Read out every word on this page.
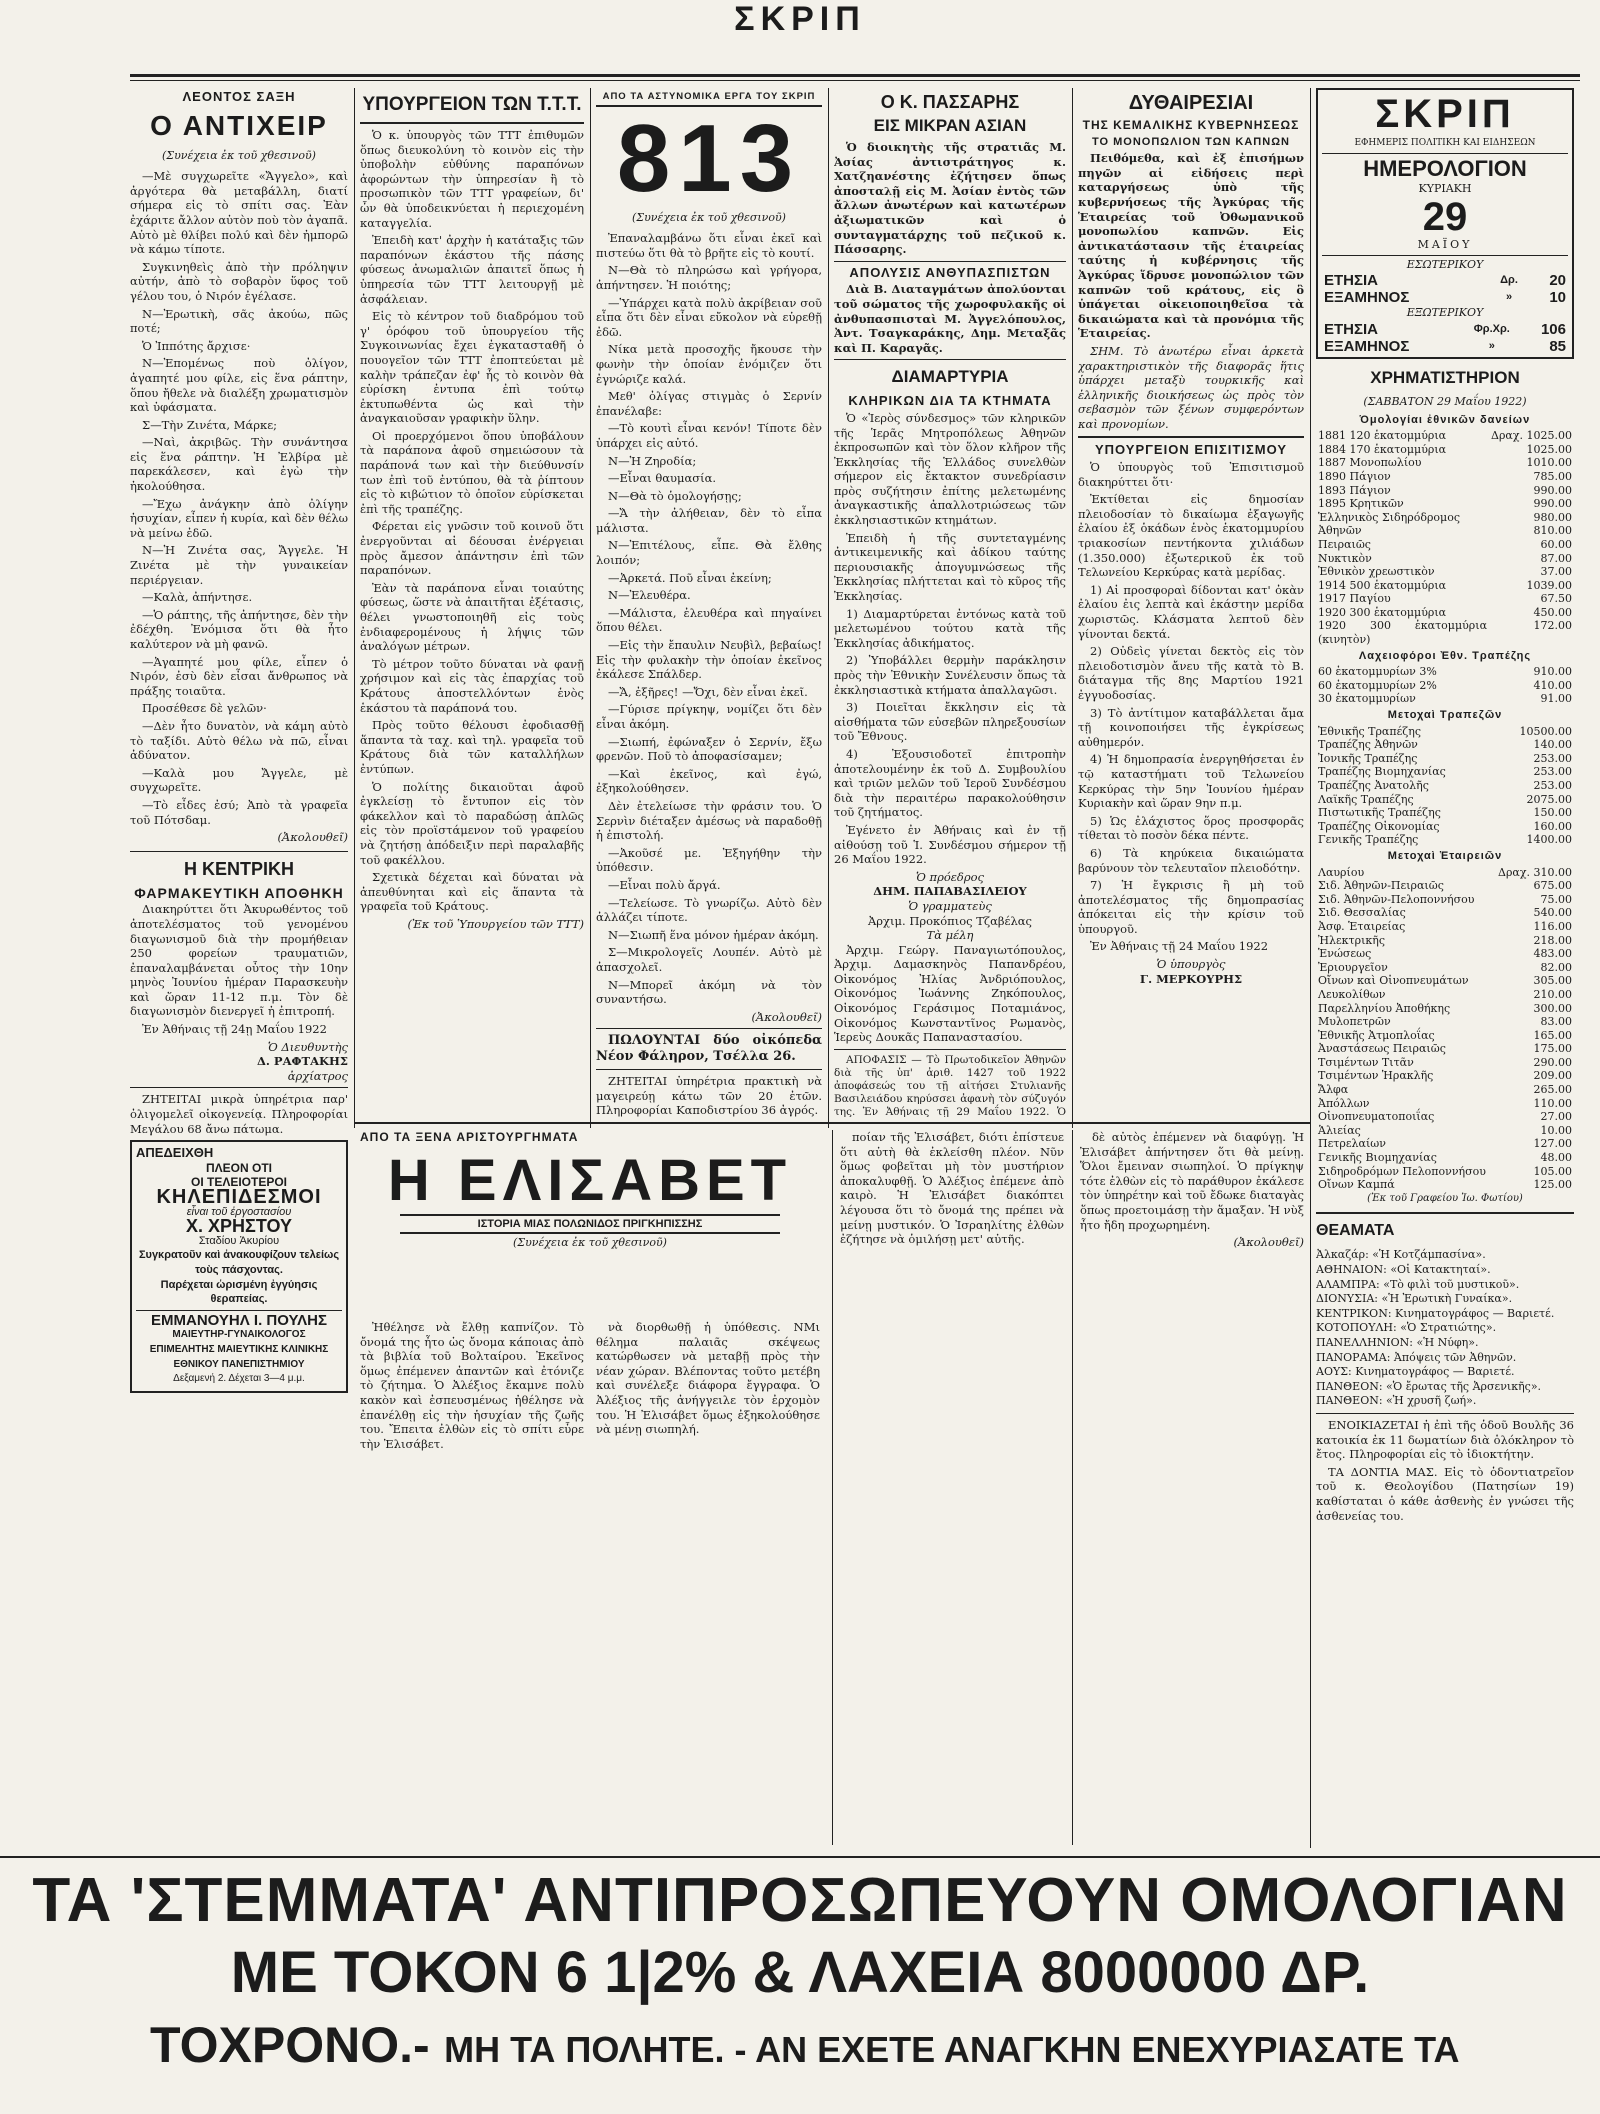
ΣΚΡΙΠ
ΛΕΟΝΤΟΣ ΣΑΞΗ
Ο ΑΝΤΙΧΕΙΡ
(Συνέχεια ἐκ τοῦ χθεσινοῦ)

—Μὲ συγχωρεῖτε «Ἄγγελο», καὶ ἀργότερα θὰ μεταβάλλη, διατί σήμερα εἰς τὸ σπίτι σας. Ἐὰν ἐχάριτε ἄλλον αὐτὸν ποὺ τὸν ἀγαπᾶ. Αὐτὸ μὲ θλίβει πολύ καὶ δὲν ἠμπορῶ νὰ κάμω τίποτε.

Συγκινηθεὶς ἀπὸ τὴν πρόληψιν αὐτήν, ἀπὸ τὸ σοβαρὸν ὕφος τοῦ γέλου του, ὁ Νιρόν ἐγέλασε.

Ν—Ἐρωτικὴ, σᾶς ἀκούω, πῶς ποτέ;

Ὁ Ἰππότης ἄρχισε·

Ν—Ἐπομένως ποὺ ὀλίγον, ἀγαπητέ μου φίλε, εἰς ἕνα ράπτην, ὅπου ἤθελε νὰ διαλέξη χρωματισμὸν καὶ ὑφάσματα.

Σ—Τὴν Ζινέτα, Μάρκε;

—Ναὶ, ἀκριβῶς. Τὴν συνάντησα εἰς ἕνα ράπτην. Ἡ Ἐλβίρα μὲ παρεκάλεσεν, καὶ ἐγὼ τὴν ἠκολούθησα.

—Ἔχω ἀνάγκην ἀπὸ ὀλίγην ἡσυχίαν, εἶπεν ἡ κυρία, καὶ δὲν θέλω νὰ μείνω ἐδῶ.

Ν—Ἡ Ζινέτα σας, Ἄγγελε. Ἡ Ζινέτα μὲ τὴν γυναικείαν περιέργειαν.

—Καλὰ, ἀπήντησε.

—Ὁ ράπτης, τῆς ἀπήντησε, δὲν τὴν ἐδέχθη. Ἐνόμισα ὅτι θὰ ἦτο καλύτερον νὰ μὴ φανῶ.

—Ἀγαπητέ μου φίλε, εἶπεν ὁ Νιρόν, ἐσὺ δὲν εἶσαι ἄνθρωπος νὰ πράξης τοιαῦτα.

Προσέθεσε δὲ γελῶν·

—Δὲν ἦτο δυνατὸν, νὰ κάμη αὐτὸ τὸ ταξίδι. Αὐτὸ θέλω νὰ πῶ, εἶναι ἀδύνατον.

—Καλὰ μου Ἄγγελε, μὲ συγχωρεῖτε.

—Τὸ εἶδες ἐσύ; Ἀπὸ τὰ γραφεῖα τοῦ Πότσδαμ.

(Ἀκολουθεῖ)
Η ΚΕΝΤΡΙΚΗ
ΦΑΡΜΑΚΕΥΤΙΚΗ ΑΠΟΘΗΚΗ

Διακηρύττει ὅτι Ἀκυρωθέντος τοῦ ἀποτελέσματος τοῦ γενομένου διαγωνισμοῦ διὰ τὴν προμήθειαν 250 φορείων τραυματιῶν, ἐπαναλαμβάνεται οὗτος τὴν 10ην μηνὸς Ἰουνίου ἡμέραν Παρασκευὴν καὶ ὥραν 11-12 π.μ. Τὸν δὲ διαγωνισμὸν διενεργεῖ ἡ ἐπιτροπή.

Ἐν Ἀθήναις τῇ 24ῃ Μαΐου 1922

Ὁ Διευθυντὴς
Δ. ΡΑΦΤΑΚΗΣ
ἀρχίατρος

ΖΗΤΕΙΤΑΙ μικρὰ ὑπηρέτρια παρ' ὀλιγομελεῖ οἰκογενείᾳ. Πληροφορίαι Μεγάλου 68 ἄνω πάτωμα.

ΑΠΕΔΕΙΧΘΗ
ΠΛΕΟΝ ΟΤΙ
ΟΙ ΤΕΛΕΙΟΤΕΡΟΙ
ΚΗΛΕΠΙΔΕΣΜΟΙ
εἶναι τοῦ ἐργοστασίου
Χ. ΧΡΗΣΤΟΥ
Σταδίου Ἀκυρίου
Συγκρατοῦν καὶ ἀνακουφίζουν τελείως τοὺς πάσχοντας.
Παρέχεται ὡρισμένη ἐγγύησις θεραπείας.
ΕΜΜΑΝΟΥΗΛ Ι. ΠΟΥΛΗΣ
ΜΑΙΕΥΤΗΡ-ΓΥΝΑΙΚΟΛΟΓΟΣ
ΕΠΙΜΕΛΗΤΗΣ ΜΑΙΕΥΤΙΚΗΣ ΚΛΙΝΙΚΗΣ
ΕΘΝΙΚΟΥ ΠΑΝΕΠΙΣΤΗΜΙΟΥ
Δεξαμενή 2. Δέχεται 3—4 μ.μ.
ΥΠΟΥΡΓΕΙΟΝ ΤΩΝ Τ.Τ.Τ.

Ὁ κ. ὑπουργὸς τῶν ΤΤΤ ἐπιθυμῶν ὅπως διευκολύνη τὸ κοινὸν εἰς τὴν ὑποβολὴν εὐθύνης παραπόνων ἀφορώντων τὴν ὑπηρεσίαν ἢ τὸ προσωπικὸν τῶν ΤΤΤ γραφείων, δι' ὧν θὰ ὑποδεικνύεται ἡ περιεχομένη καταγγελία.

Ἐπειδὴ κατ' ἀρχὴν ἡ κατάταξις τῶν παραπόνων ἐκάστου τῆς πάσης φύσεως ἀνωμαλιῶν ἀπαιτεῖ ὅπως ἡ ὑπηρεσία τῶν ΤΤΤ λειτουργῇ μὲ ἀσφάλειαν.

Εἰς τὸ κέντρον τοῦ διαδρόμου τοῦ γ' ὀρόφου τοῦ ὑπουργείου τῆς Συγκοινωνίας ἔχει ἐγκατασταθῆ ὁ πουογεῖον τῶν ΤΤΤ ἐποπτεύεται μὲ καλὴν τράπεζαν ἐφ' ἧς τὸ κοινὸν θὰ εὑρίσκη ἐντυπα ἐπὶ τούτῳ ἐκτυπωθέντα ὡς καὶ τὴν ἀναγκαιοῦσαν γραφικὴν ὕλην.

Οἱ προερχόμενοι ὅπου ὑποβάλουν τὰ παράπονα ἀφοῦ σημειώσουν τὰ παράπονά των καὶ τὴν διεύθυνσίν των ἐπὶ τοῦ ἐντύπου, θὰ τὰ ῥίπτουν εἰς τὸ κιβώτιον τὸ ὁποῖον εὑρίσκεται ἐπὶ τῆς τραπέζης.

Φέρεται εἰς γνῶσιν τοῦ κοινοῦ ὅτι ἐνεργοῦνται αἱ δέουσαι ἐνέργειαι πρὸς ἄμεσον ἀπάντησιν ἐπὶ τῶν παραπόνων.

Ἐὰν τὰ παράπονα εἶναι τοιαύτης φύσεως, ὥστε νὰ ἀπαιτῆται ἐξέτασις, θέλει γνωστοποιηθῆ εἰς τοὺς ἐνδιαφερομένους ἡ λήψις τῶν ἀναλόγων μέτρων.

Τὸ μέτρον τοῦτο δύναται νὰ φανῇ χρήσιμον καὶ εἰς τὰς ἐπαρχίας τοῦ Κράτους ἀποστελλόντων ἑνὸς ἑκάστου τὰ παράπονά του.

Πρὸς τοῦτο θέλουσι ἐφοδιασθῇ ἅπαντα τὰ ταχ. καὶ τηλ. γραφεῖα τοῦ Κράτους διὰ τῶν καταλλήλων ἐντύπων.

Ὁ πολίτης δικαιοῦται ἀφοῦ ἐγκλείσῃ τὸ ἔντυπον εἰς τὸν φάκελλον καὶ τὸ παραδώσῃ ἁπλῶς εἰς τὸν προϊστάμενον τοῦ γραφείου νὰ ζητήσῃ ἀπόδειξιν περὶ παραλαβῆς τοῦ φακέλλου.

Σχετικὰ δέχεται καὶ δύναται νὰ ἀπευθύνηται καὶ εἰς ἅπαντα τὰ γραφεῖα τοῦ Κράτους.

(Ἐκ τοῦ Ὑπουργείου τῶν ΤΤΤ)
ΑΠΟ ΤΑ ΑΣΤΥΝΟΜΙΚΑ ΕΡΓΑ ΤΟΥ ΣΚΡΙΠ
813
(Συνέχεια ἐκ τοῦ χθεσινοῦ)

Ἐπαναλαμβάνω ὅτι εἶναι ἐκεῖ καὶ πιστεύω ὅτι θὰ τὸ βρῆτε εἰς τὸ κουτί.

Ν—Θὰ τὸ πληρώσω καὶ γρήγορα, ἀπήντησεν. Ἡ ποιότης;

—Ὑπάρχει κατὰ πολὺ ἀκρίβειαν σοῦ εἶπα ὅτι δὲν εἶναι εὔκολον νὰ εὑρεθῇ ἐδῶ.

Νίκα μετὰ προσοχῆς ἤκουσε τὴν φωνὴν τὴν ὁποίαν ἐνόμιζεν ὅτι ἐγνώριζε καλά.

Μεθ' ὀλίγας στιγμὰς ὁ Σερνίν ἐπανέλαβε:

—Τὸ κουτὶ εἶναι κενόν! Τίποτε δὲν ὑπάρχει εἰς αὐτό.

Ν—Ἡ Ζηροδία;

—Εἶναι θαυμασία.

Ν—Θὰ τὸ ὁμολογήσῃς;

—Ἄ τὴν ἀλήθειαν, δὲν τὸ εἶπα μάλιστα.

Ν—Ἐπιτέλους, εἶπε. Θὰ ἔλθης λοιπόν;

—Ἀρκετά. Ποῦ εἶναι ἐκείνη;

Ν—Ἐλευθέρα.

—Μάλιστα, ἐλευθέρα καὶ πηγαίνει ὅπου θέλει.

—Εἰς τὴν ἔπαυλιν Νευβὶλ, βεβαίως! Εἰς τὴν φυλακὴν τὴν ὁποίαν ἐκεῖνος ἐκάλεσε Σπάλδερ.

—Ἄ, ἐξῆρες! —Ὄχι, δὲν εἶναι ἐκεῖ.

—Γύρισε πρίγκηψ, νομίζει ὅτι δὲν εἶναι ἀκόμη.

—Σιωπή, ἐφώναξεν ὁ Σερνίν, ἔξω φρενῶν. Ποῦ τὸ ἀποφασίσαμεν;

—Καὶ ἐκεῖνος, καὶ ἐγώ, ἐξηκολούθησεν.

Δὲν ἐτελείωσε τὴν φράσιν του. Ὁ Σερνὶν διέταξεν ἀμέσως νὰ παραδοθῇ ἡ ἐπιστολή.

—Ἀκοῦσέ με. Ἐξηγήθην τὴν ὑπόθεσιν.

—Εἶναι πολὺ ἄργά.

—Τελείωσε. Τὸ γνωρίζω. Αὐτὸ δὲν ἀλλάζει τίποτε.

Ν—Σιωπῆ ἕνα μόνον ἡμέραν ἀκόμη.

Σ—Μικρολογεῖς Λουπέν. Αὐτὸ μὲ ἀπασχολεῖ.

Ν—Μπορεῖ ἀκόμη νὰ τὸν συναντήσω.

(Ἀκολουθεῖ)

ΠΩΛΟΥΝΤΑΙ δύο οἰκόπεδα Νέον Φάληρον, Τσέλλα 26.

ΖΗΤΕΙΤΑΙ ὑπηρέτρια πρακτικὴ νὰ μαγειρεύῃ κάτω τῶν 20 ἐτῶν. Πληροφορίαι Καποδιστρίου 36 ἀγρός.

Ο Κ. ΠΑΣΣΑΡΗΣ
ΕΙΣ ΜΙΚΡΑΝ ΑΣΙΑΝ

Ὁ διοικητὴς τῆς στρατιᾶς Μ. Ἀσίας ἀντιστράτηγος κ. Χατζηανέστης ἐζήτησεν ὅπως ἀποσταλῇ εἰς Μ. Ἀσίαν ἐντὸς τῶν ἄλλων ἀνωτέρων καὶ κατωτέρων ἀξιωματικῶν καὶ ὁ συνταγματάρχης τοῦ πεζικοῦ κ. Πάσσαρης.

ΑΠΟΛΥΣΙΣ ΑΝΘΥΠΑΣΠΙΣΤΩΝ

Διὰ Β. Διαταγμάτων ἀπολύονται τοῦ σώματος τῆς χωροφυλακῆς οἱ ἀνθυπασπισταὶ Μ. Ἀγγελόπουλος, Ἀντ. Τσαγκαράκης, Δημ. Μεταξᾶς καὶ Π. Καραγᾶς.

ΔΙΑΜΑΡΤΥΡΙΑ
ΚΛΗΡΙΚΩΝ ΔΙΑ ΤΑ ΚΤΗΜΑΤΑ

Ὁ «Ἱερὸς σύνδεσμος» τῶν κληρικῶν τῆς Ἱερᾶς Μητροπόλεως Ἀθηνῶν ἐκπροσωπῶν καὶ τὸν ὅλον κλῆρον τῆς Ἐκκλησίας τῆς Ἑλλάδος συνελθὼν σήμερον εἰς ἔκτακτον συνεδρίασιν πρὸς συζήτησιν ἐπίτης μελετωμένης ἀναγκαστικῆς ἀπαλλοτριώσεως τῶν ἐκκλησιαστικῶν κτημάτων.

Ἐπειδὴ ἡ τῆς συντεταγμένης ἀντικειμενικῆς καὶ ἀδίκου ταύτης περιουσιακῆς ἀπογυμνώσεως τῆς Ἐκκλησίας πλήττεται καὶ τὸ κῦρος τῆς Ἐκκλησίας.

1) Διαμαρτύρεται ἐντόνως κατὰ τοῦ μελετωμένου τούτου κατὰ τῆς Ἐκκλησίας ἀδικήματος.

2) Ὑποβάλλει θερμὴν παράκλησιν πρὸς τὴν Ἐθνικὴν Συνέλευσιν ὅπως τὰ ἐκκλησιαστικὰ κτήματα ἀπαλλαγῶσι.

3) Ποιεῖται ἔκκλησιν εἰς τὰ αἰσθήματα τῶν εὐσεβῶν πληρεξουσίων τοῦ Ἔθνους.

4) Ἐξουσιοδοτεῖ ἐπιτροπὴν ἀποτελουμένην ἐκ τοῦ Δ. Συμβουλίου καὶ τριῶν μελῶν τοῦ Ἱεροῦ Συνδέσμου διὰ τὴν περαιτέρω παρακολούθησιν τοῦ ζητήματος.

Ἐγένετο ἐν Ἀθήναις καὶ ἐν τῇ αἰθούσῃ τοῦ Ἱ. Συνδέσμου σήμερον τῇ 26 Μαΐου 1922.

Ὁ πρόεδρος
ΔΗΜ. ΠΑΠΑΒΑΣΙΛΕΙΟΥ
Ὁ γραμματεὺς
Ἀρχιμ. Προκόπιος Τζαβέλας
Τὰ μέλη

Ἀρχιμ. Γεώργ. Παναγιωτόπουλος, Ἀρχιμ. Δαμασκηνὸς Παπανδρέου, Οἰκονόμος Ἠλίας Ἀνδριόπουλος, Οἰκονόμος Ἰωάννης Ζηκόπουλος, Οἰκονόμος Γεράσιμος Ποταμιάνος, Οἰκονόμος Κωνσταντῖνος Ρωμανὸς, Ἱερεὺς Δουκᾶς Παπαναστασίου.

ΑΠΟΦΑΣΙΣ — Τὸ Πρωτοδικεῖον Ἀθηνῶν διὰ τῆς ὑπ' ἀριθ. 1427 τοῦ 1922 ἀποφάσεώς του τῇ αἰτήσει Στυλιανῆς Βασιλειάδου κηρύσσει ἀφανὴ τὸν σύζυγόν της. Ἐν Ἀθήναις τῇ 29 Μαΐου 1922. Ὁ

ΔΥΘΑΙΡΕΣΙΑΙ
ΤΗΣ ΚΕΜΑΛΙΚΗΣ ΚΥΒΕΡΝΗΣΕΩΣ
ΤΟ ΜΟΝΟΠΩΛΙΟΝ ΤΩΝ ΚΑΠΝΩΝ

Πειθόμεθα, καὶ ἐξ ἐπισήμων πηγῶν αἱ εἰδήσεις περὶ καταργήσεως ὑπὸ τῆς κυβερνήσεως τῆς Ἀγκύρας τῆς Ἑταιρείας τοῦ Ὀθωμανικοῦ μονοπωλίου καπνῶν. Εἰς ἀντικατάστασιν τῆς ἑταιρείας ταύτης ἡ κυβέρνησις τῆς Ἀγκύρας ἵδρυσε μονοπώλιον τῶν καπνῶν τοῦ κράτους, εἰς ὃ ὑπάγεται οἰκειοποιηθεῖσα τὰ δικαιώματα καὶ τὰ προνόμια τῆς Ἑταιρείας.

ΣΗΜ. Τὸ ἀνωτέρω εἶναι ἀρκετὰ χαρακτηριστικὸν τῆς διαφορᾶς ἥτις ὑπάρχει μεταξὺ τουρκικῆς καὶ ἑλληνικῆς διοικήσεως ὡς πρὸς τὸν σεβασμὸν τῶν ξένων συμφερόντων καὶ προνομίων.

ΥΠΟΥΡΓΕΙΟΝ ΕΠΙΣΙΤΙΣΜΟΥ

Ὁ ὑπουργὸς τοῦ Ἐπισιτισμοῦ διακηρύττει ὅτι·

Ἐκτίθεται εἰς δημοσίαν πλειοδοσίαν τὸ δικαίωμα ἐξαγωγῆς ἐλαίου ἐξ ὁκάδων ἑνὸς ἑκατομμυρίου τριακοσίων πεντήκοντα χιλιάδων (1.350.000) ἐξωτερικοῦ ἐκ τοῦ Τελωνείου Κερκύρας κατὰ μερίδας.

1) Αἱ προσφοραὶ δίδονται κατ' ὀκὰν ἐλαίου ἐις λεπτὰ καὶ ἑκάστην μερίδα χωριστῶς. Κλάσματα λεπτοῦ δὲν γίνονται δεκτά.

2) Οὐδεὶς γίνεται δεκτὸς εἰς τὸν πλειοδοτισμὸν ἄνευ τῆς κατὰ τὸ Β. διάταγμα τῆς 8ης Μαρτίου 1921 ἐγγυοδοσίας.

3) Τὸ ἀντίτιμον καταβάλλεται ἄμα τῇ κοινοποιήσει τῆς ἐγκρίσεως αὐθημερόν.

4) Ἡ δημοπρασία ἐνεργηθήσεται ἐν τῷ καταστήματι τοῦ Τελωνείου Κερκύρας τὴν 5ην Ἰουνίου ἡμέραν Κυριακὴν καὶ ὥραν 9ην π.μ.

5) Ὡς ἐλάχιστος ὅρος προσφορᾶς τίθεται τὸ ποσὸν δέκα πέντε.

6) Τὰ κηρύκεια δικαιώματα βαρύνουν τὸν τελευταῖον πλειοδότην.

7) Ἡ ἔγκρισις ἢ μὴ τοῦ ἀποτελέσματος τῆς δημοπρασίας ἀπόκειται εἰς τὴν κρίσιν τοῦ ὑπουργοῦ.

Ἐν Ἀθήναις τῇ 24 Μαΐου 1922

Ὁ ὑπουργὸς
Γ. ΜΕΡΚΟΥΡΗΣ
ΣΚΡΙΠ
ΕΦΗΜΕΡΙΣ ΠΟΛΙΤΙΚΗ ΚΑΙ ΕΙΔΗΣΕΩΝ
ΗΜΕΡΟΛΟΓΙΟΝ
ΚΥΡΙΑΚΗ
29
ΜΑΪΟΥ
ΕΣΩΤΕΡΙΚΟΥ
ΕΤΗΣΙΑ	Δρ.	20
ΕΞΑΜΗΝΟΣ	»	10
ΕΞΩΤΕΡΙΚΟΥ
ΕΤΗΣΙΑ	Φρ.Χρ.	106
ΕΞΑΜΗΝΟΣ	»	85
ΧΡΗΜΑΤΙΣΤΗΡΙΟΝ
(ΣΑΒΒΑΤΟΝ 29 Μαΐου 1922)
Ὁμολογίαι ἐθνικῶν δανείων
1881 120 ἑκατομμύρια	Δραχ. 1025.00
1884 170 ἑκατομμύρια	1025.00
1887 Μονοπωλίου	1010.00
1890 Πάγιον	785.00
1893 Πάγιον	990.00
1895 Κρητικῶν	990.00
Ἑλληνικὸς Σιδηρόδρομος	980.00
Ἀθηνῶν	810.00
Πειραιῶς	60.00
Νυκτικὸν	87.00
Ἐθνικὸν χρεωστικὸν	37.00
1914 500 ἑκατομμύρια	1039.00
1917 Παγίου	67.50
1920 300 ἑκατομμύρια	450.00
1920 300 ἑκατομμύρια (κινητὸν)	172.00
Λαχειοφόροι Ἐθν. Τραπέζης
60 ἑκατομμυρίων 3%	910.00
60 ἑκατομμυρίων 2%	410.00
30 ἑκατομμυρίων	91.00
Μετοχαὶ Τραπεζῶν
Ἐθνικῆς Τραπέζης	10500.00
Τραπέζης Ἀθηνῶν	140.00
Ἰονικῆς Τραπέζης	253.00
Τραπέζης Βιομηχανίας	253.00
Τραπέζης Ἀνατολῆς	253.00
Λαϊκῆς Τραπέζης	2075.00
Πιστωτικῆς Τραπέζης	150.00
Τραπέζης Οἰκονομίας	160.00
Γενικῆς Τραπέζης	1400.00
Μετοχαὶ Ἑταιρειῶν
Λαυρίου	Δραχ. 310.00
Σιδ. Ἀθηνῶν-Πειραιῶς	675.00
Σιδ. Ἀθηνῶν-Πελοποννήσου	75.00
Σιδ. Θεσσαλίας	540.00
Ἀσφ. Ἑταιρείας	116.00
Ἠλεκτρικῆς	218.00
Ἑνώσεως	483.00
Ἐριουργεῖον	82.00
Οἴνων καὶ Οἰνοπνευμάτων	305.00
Λευκολίθων	210.00
Παρελληνίου Ἀποθήκης	300.00
Μυλοπετρῶν	83.00
Ἐθνικῆς Ἀτμοπλοΐας	165.00
Ἀναστάσεως Πειραιῶς	175.00
Τσιμέντων Τιτᾶν	290.00
Τσιμέντων Ἡρακλῆς	209.00
Ἄλφα	265.00
Ἀπόλλων	110.00
Οἰνοπνευματοποιΐας	27.00
Ἁλιείας	10.00
Πετρελαίων	127.00
Γενικῆς Βιομηχανίας	48.00
Σιδηροδρόμων Πελοποννήσου	105.00
Οἴνων Καμπά	125.00
(Ἐκ τοῦ Γραφείου Ἰω. Φωτίου)
ΘΕΑΜΑΤΑ
Ἀλκαζάρ: «Ἡ Κοτζάμπασίνα».
ΑΘΗΝΑΙΟΝ: «Οἱ Κατακτηταί».
ΑΛΑΜΠΡΑ: «Τὸ φιλὶ τοῦ μυστικοῦ».
ΔΙΟΝΥΣΙΑ: «Ἡ Ἐρωτικὴ Γυναίκα».
ΚΕΝΤΡΙΚΟΝ: Κινηματογράφος — Βαριετέ.
ΚΟΤΟΠΟΥΛΗ: «Ὁ Στρατιώτης».
ΠΑΝΕΛΛΗΝΙΟΝ: «Ἡ Νύφη».
ΠΑΝΟΡΑΜΑ: Ἀπόψεις τῶν Ἀθηνῶν.
ΑΟΥΣ: Κινηματογράφος — Βαριετέ.
ΠΑΝΘΕΟΝ: «Ὁ ἔρωτας τῆς Ἀρσενικῆς».
ΠΑΝΘΕΟΝ: «Ἡ χρυσῆ ζωή».

ΕΝΟΙΚΙΑΖΕΤΑΙ ἡ ἐπὶ τῆς ὁδοῦ Βουλῆς 36 κατοικία ἐκ 11 δωματίων διὰ ὁλόκληρον τὸ ἔτος. Πληροφορίαι εἰς τὸ ἰδιοκτήτην.

ΤΑ ΔΟΝΤΙΑ ΜΑΣ. Εἰς τὸ ὁδοντιατρεῖον τοῦ κ. Θεολογίδου (Πατησίων 19) καθίσταται ὁ κάθε ἀσθενὴς ἐν γνώσει τῆς ἀσθενείας του.

ΑΠΟ ΤΑ ΞΕΝΑ ΑΡΙΣΤΟΥΡΓΗΜΑΤΑ
Η ΕΛΙΣΑΒΕΤ
ΙΣΤΟΡΙΑ ΜΙΑΣ ΠΟΛΩΝΙΔΟΣ ΠΡΙΓΚΗΠΙΣΣΗΣ
(Συνέχεια ἐκ τοῦ χθεσινοῦ)

Ἠθέλησε νὰ ἔλθῃ καπνίζον. Τὸ ὄνομά της ἦτο ὡς ὄνομα κάποιας ἀπὸ τὰ βιβλία τοῦ Βολταίρου. Ἐκεῖνος ὅμως ἐπέμενεν ἀπαντῶν καὶ ἐτόνιζε τὸ ζήτημα. Ὁ Ἀλέξιος ἔκαμνε πολὺ κακὸν καὶ ἐσπευσμένως ἠθέλησε νὰ ἐπανέλθῃ εἰς τὴν ἡσυχίαν τῆς ζωῆς του. Ἔπειτα ἐλθὼν εἰς τὸ σπίτι εὗρε τὴν Ἐλισάβετ.

νὰ διορθωθῇ ἡ ὑπόθεσις. ΝΜι θέλημα παλαιᾶς σκέψεως κατώρθωσεν νὰ μεταβῇ πρὸς τὴν νέαν χώραν. Βλέποντας τοῦτο μετέβη καὶ συνέλεξε διάφορα ἔγγραφα. Ὁ Ἀλέξιος τῆς ἀνήγγειλε τὸν ἐρχομὸν του. Ἡ Ἐλισάβετ ὅμως ἐξηκολούθησε νὰ μένῃ σιωπηλή.

ποίαν τῆς Ἐλισάβετ, διότι ἐπίστευε ὅτι αὐτὴ θὰ ἐκλείσθη πλέον. Νῦν ὅμως φοβεῖται μὴ τὸν μυστήριον ἀποκαλυφθῇ. Ὁ Ἀλέξιος ἐπέμενε ἀπὸ καιρὸ. Ἡ Ἐλισάβετ διακόπτει λέγουσα ὅτι τὸ ὄνομά της πρέπει νὰ μείνῃ μυστικόν. Ὁ Ἰσραηλίτης ἐλθὼν ἐζήτησε νὰ ὁμιλήσῃ μετ' αὐτῆς.

δὲ αὐτὸς ἐπέμενεν νὰ διαφύγῃ. Ἡ Ἐλισάβετ ἀπήντησεν ὅτι θὰ μείνῃ. Ὅλοι ἔμειναν σιωπηλοί. Ὁ πρίγκηψ τότε ἐλθὼν εἰς τὸ παράθυρον ἐκάλεσε τὸν ὑπηρέτην καὶ τοῦ ἔδωκε διαταγὰς ὅπως προετοιμάσῃ τὴν ἅμαξαν. Ἡ νὺξ ἦτο ἤδη προχωρημένη.

(Ἀκολουθεῖ)
ΤΑ 'ΣΤΕΜΜΑΤΑ' ΑΝΤΙΠΡΟΣΩΠΕΥΟΥΝ ΟΜΟΛΟΓΙΑΝ
ΜΕ ΤΟΚΟΝ 6 1|2% & ΛΑΧΕΙΑ 8000000 ΔΡ.
ΤΟΧΡΟΝΟ.- ΜΗ ΤΑ ΠΟΛΗΤΕ. - ΑΝ ΕΧΕΤΕ ΑΝΑΓΚΗΝ ΕΝΕΧΥΡΙΑΣΑΤΕ ΤΑ
